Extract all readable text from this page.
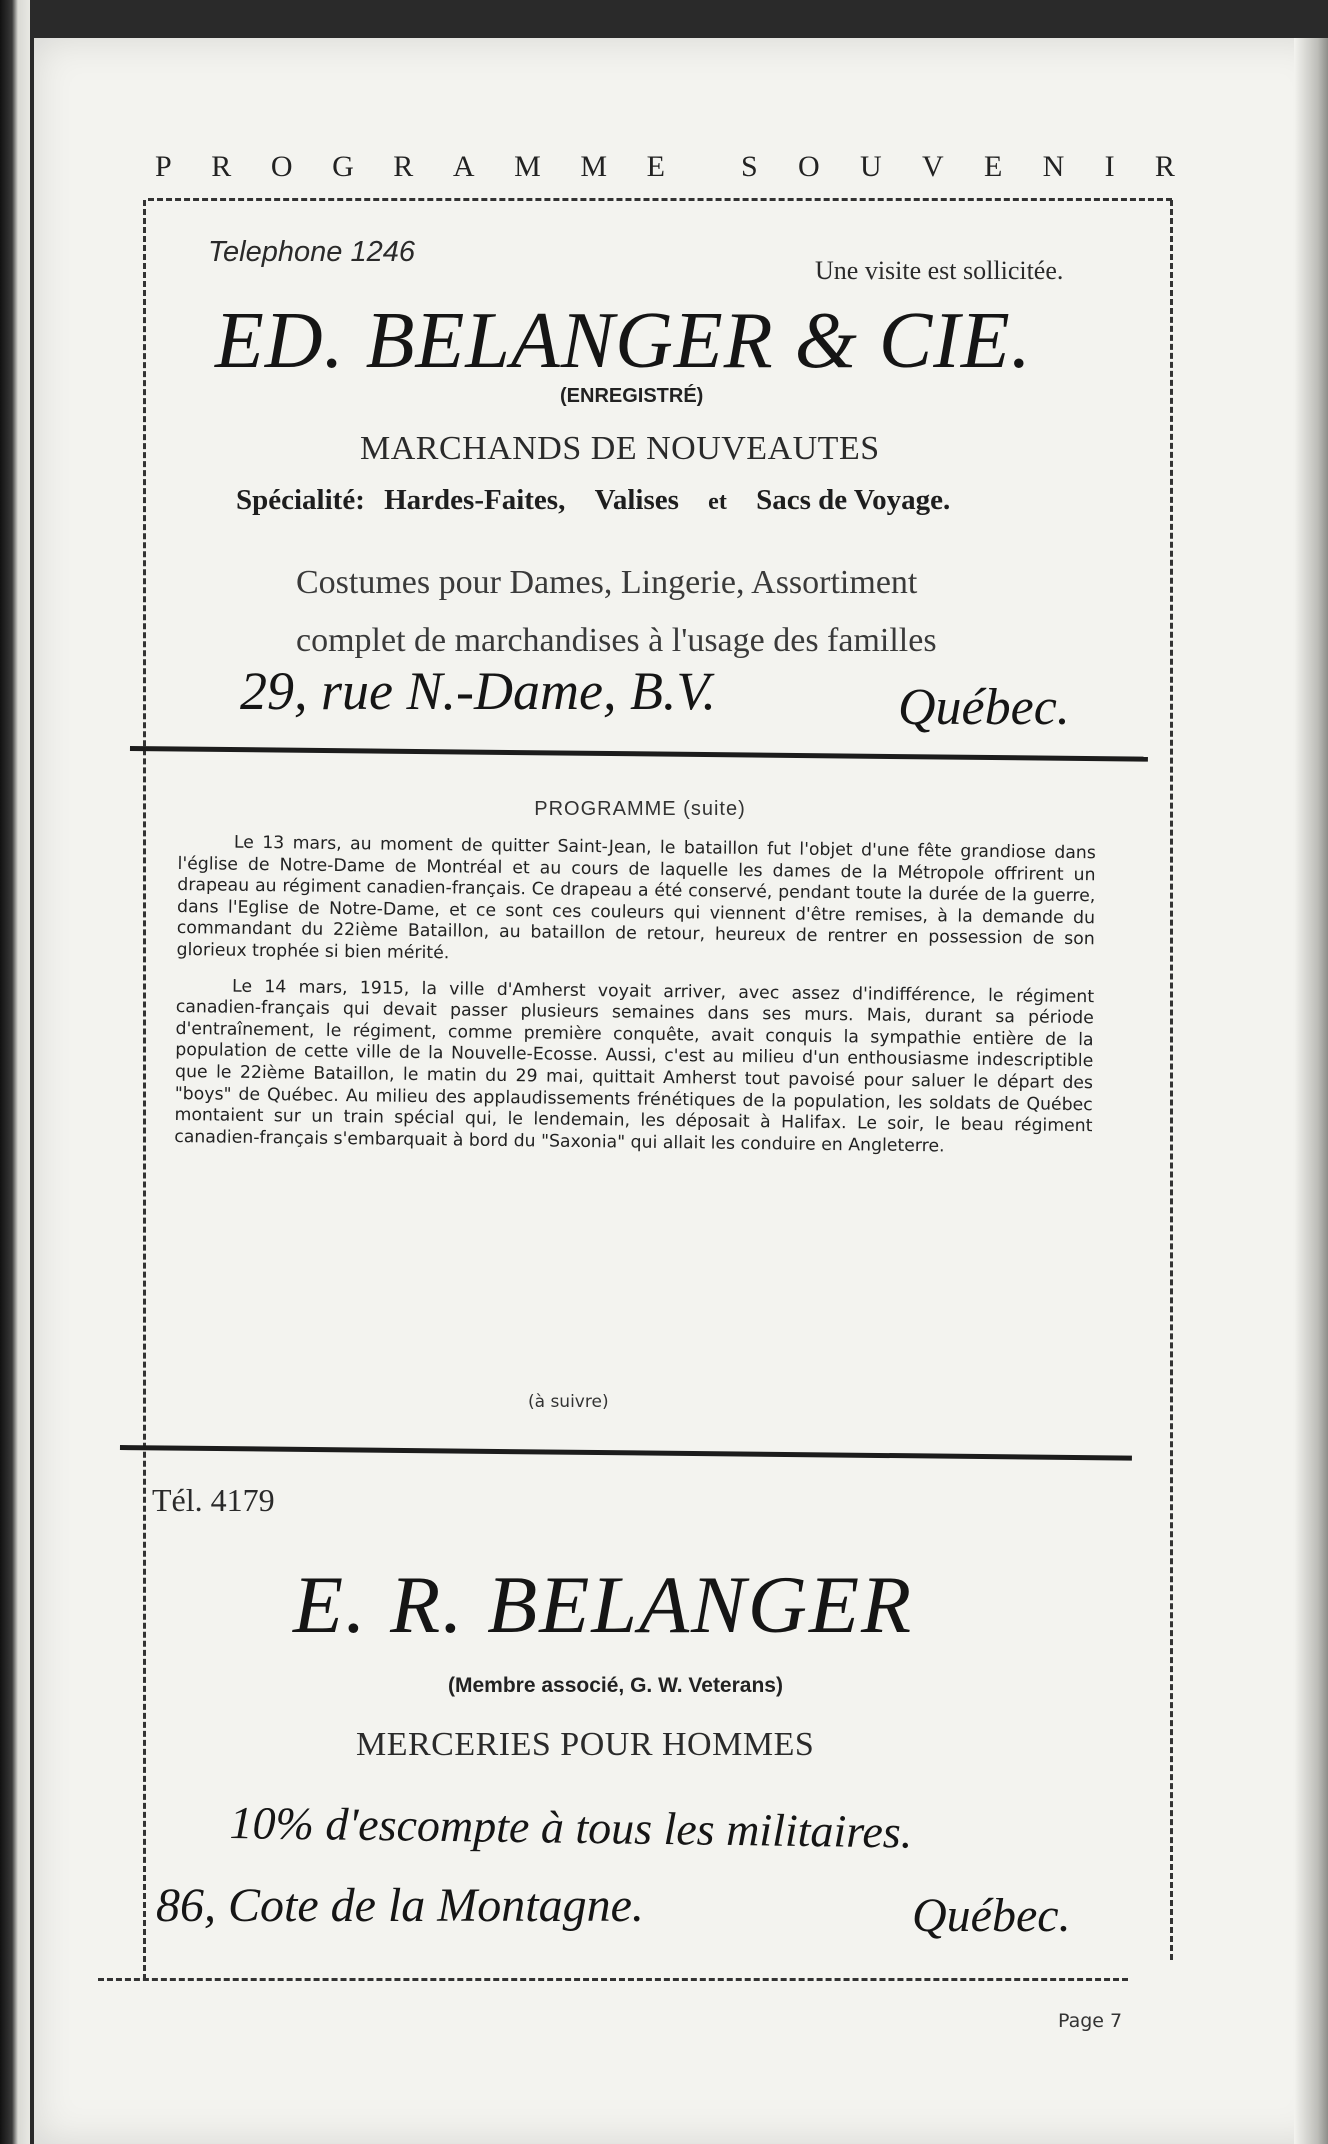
P R O G R A M M E	S O U V E N I R
Telephone 1246
Une visite est sollicitée.
ED. BELANGER & CIE.
(ENREGISTRÉ)
MARCHANDS DE NOUVEAUTES
Spécialité: Hardes-Faites, Valises et Sacs de Voyage.
Costumes pour Dames, Lingerie, Assortiment
complet de marchandises à l'usage des familles
29, rue N.-Dame, B.V.	Québec.
PROGRAMME (suite)

Le 13 mars, au moment de quitter Saint-Jean, le bataillon fut l'objet d'une fête grandiose dans l'église de Notre-Dame de Montréal et au cours de laquelle les dames de la Métropole offrirent un drapeau au régiment canadien-français. Ce drapeau a été conservé, pendant toute la durée de la guerre, dans l'Eglise de Notre-Dame, et ce sont ces couleurs qui viennent d'être remises, à la demande du commandant du 22ième Bataillon, au bataillon de retour, heureux de rentrer en possession de son glorieux trophée si bien mérité.

Le 14 mars, 1915, la ville d'Amherst voyait arriver, avec assez d'indifférence, le régiment canadien-français qui devait passer plusieurs semaines dans ses murs. Mais, durant sa période d'entraînement, le régiment, comme première conquête, avait conquis la sympathie entière de la population de cette ville de la Nouvelle-Ecosse. Aussi, c'est au milieu d'un enthousiasme indescriptible que le 22ième Bataillon, le matin du 29 mai, quittait Amherst tout pavoisé pour saluer le départ des "boys" de Québec. Au milieu des applaudissements frénétiques de la population, les soldats de Québec montaient sur un train spécial qui, le lendemain, les déposait à Halifax. Le soir, le beau régiment canadien-français s'embarquait à bord du "Saxonia" qui allait les conduire en Angleterre.

(à suivre)
Tél. 4179
E. R. BELANGER
(Membre associé, G. W. Veterans)
MERCERIES POUR HOMMES
10% d'escompte à tous les militaires.
86, Cote de la Montagne.	Québec.
Page 7
